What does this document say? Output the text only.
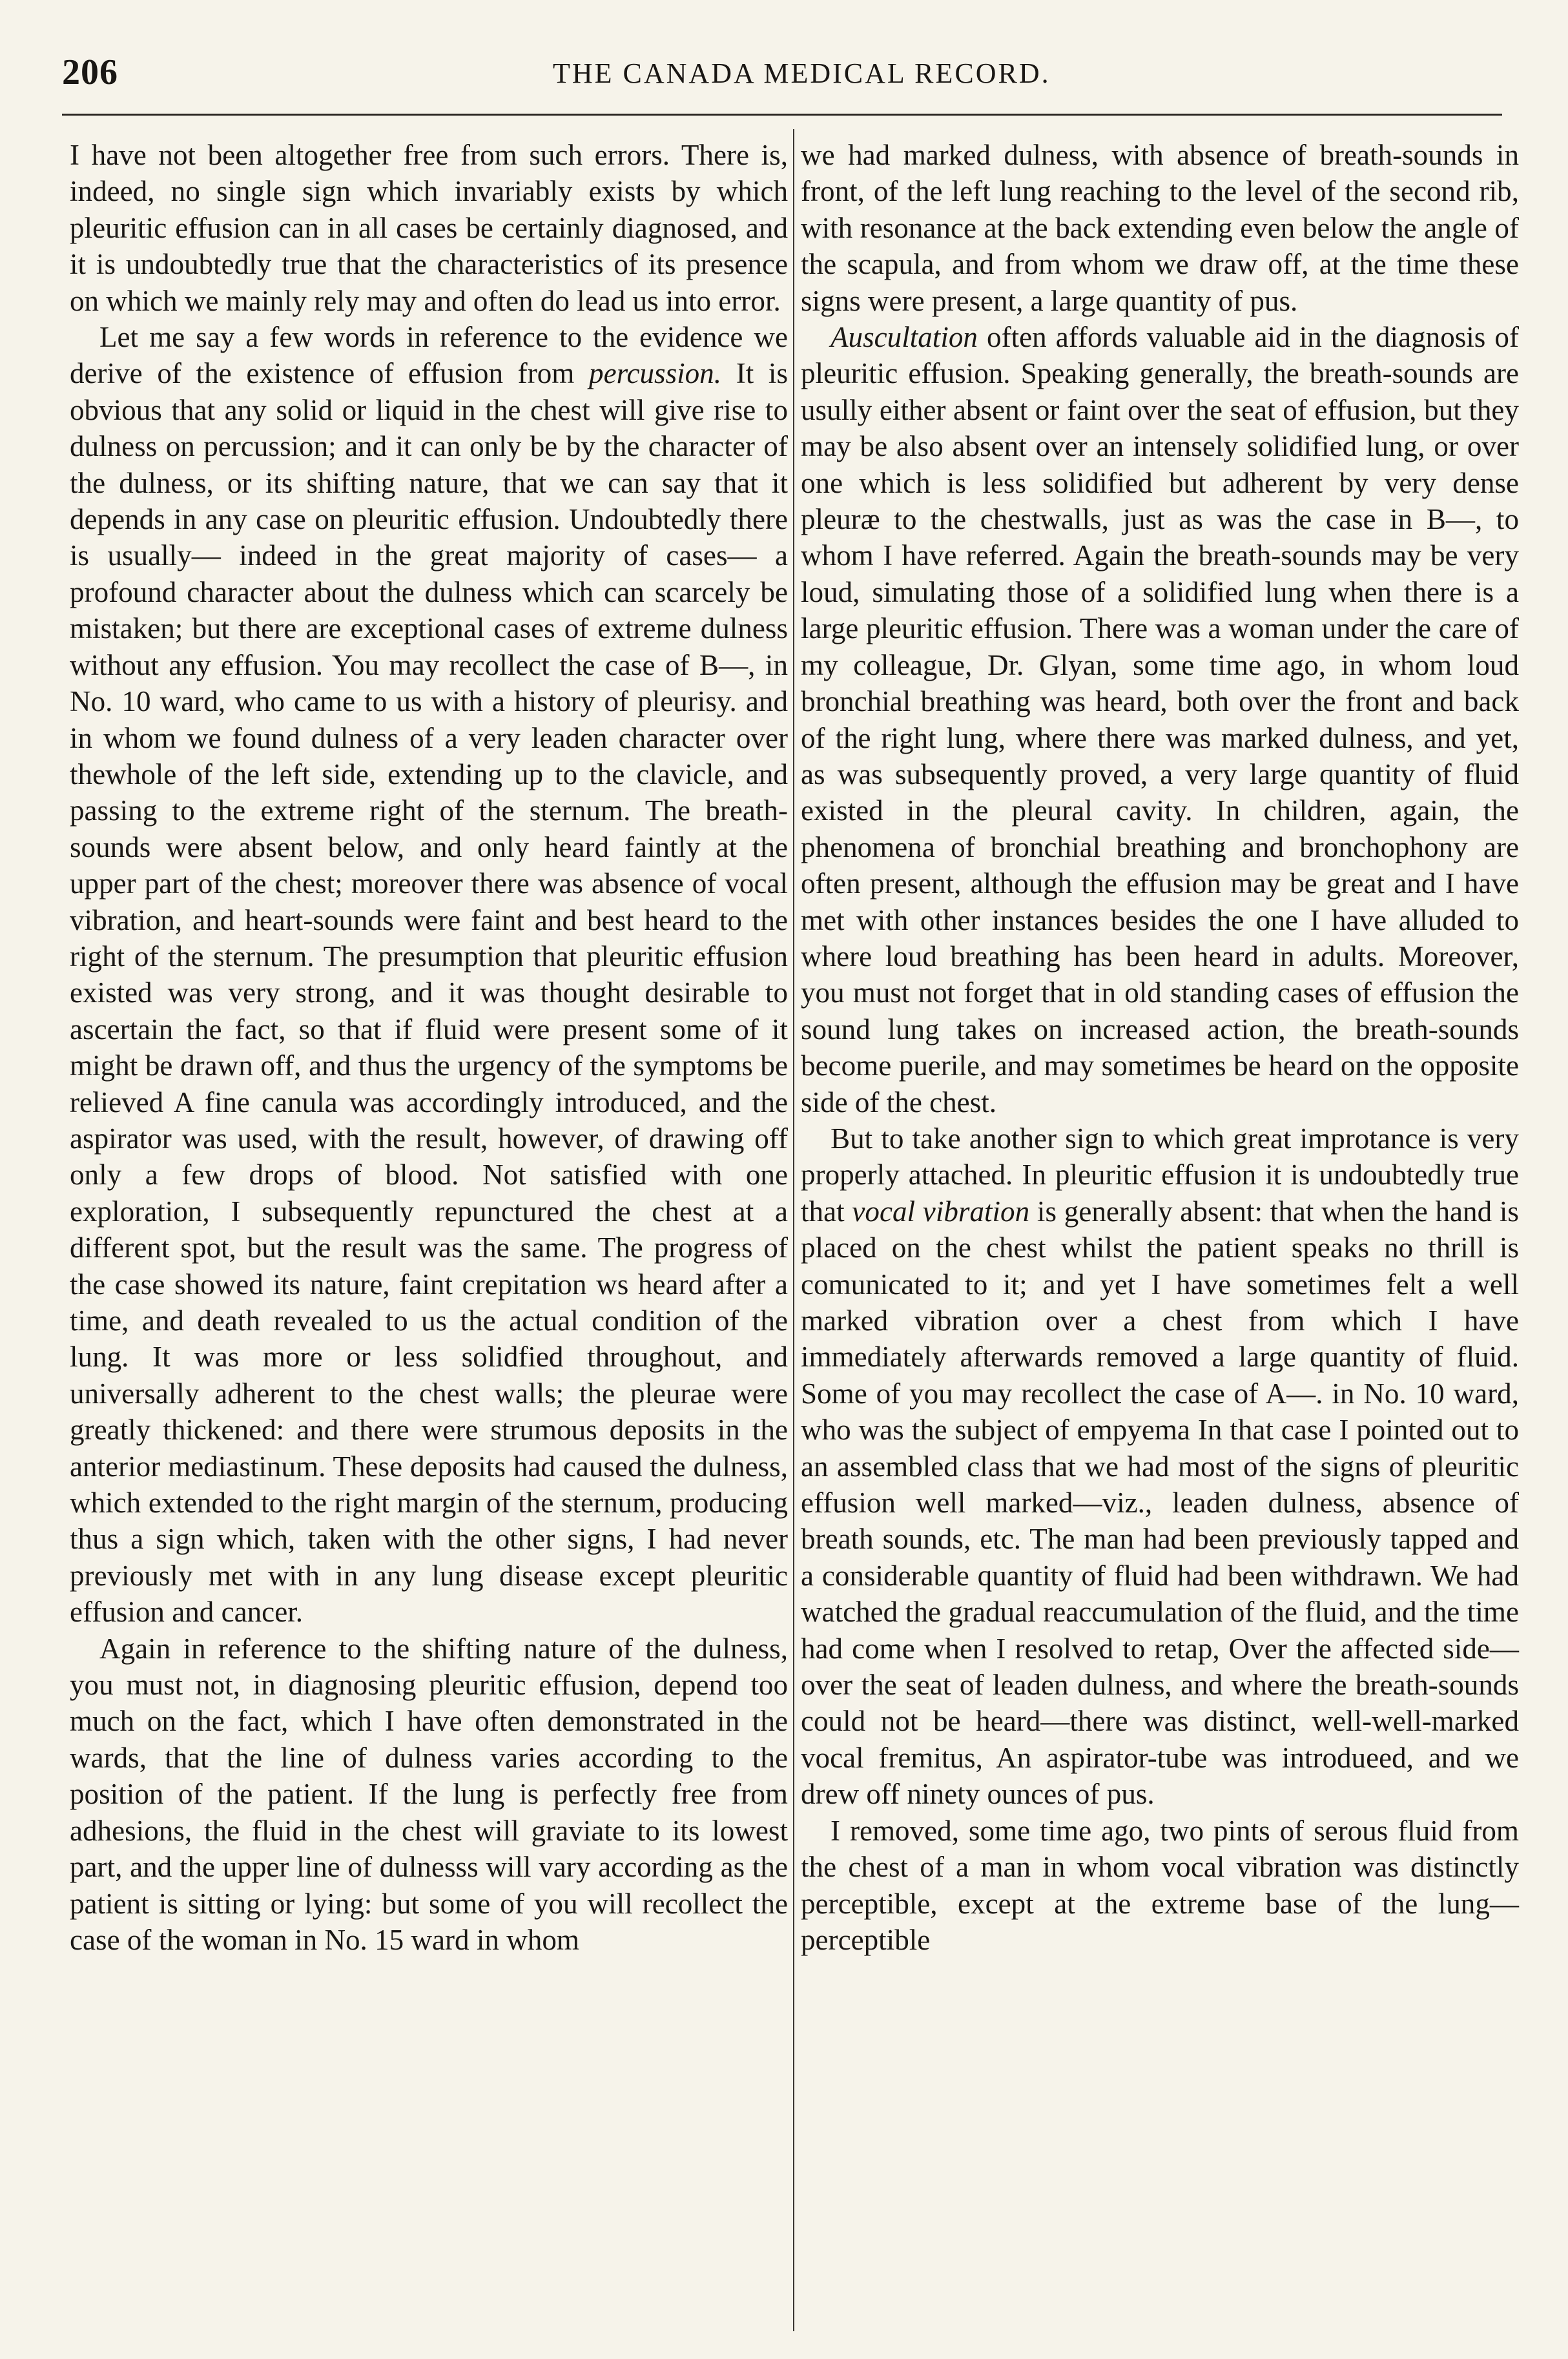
206	THE CANADA MEDICAL RECORD.

I have not been altogether free from such errors. There is, indeed, no single sign which invariably exists by which pleuritic effusion can in all cases be certainly diagnosed, and it is undoubtedly true that the characteristics of its presence on which we mainly rely may and often do lead us into error.

Let me say a few words in reference to the evidence we derive of the existence of effusion from percussion. It is obvious that any solid or liquid in the chest will give rise to dulness on percussion; and it can only be by the character of the dulness, or its shifting nature, that we can say that it depends in any case on pleuritic effusion. Undoubtedly there is usually— indeed in the great majority of cases— a profound character about the dulness which can scarcely be mistaken; but there are exceptional cases of extreme dulness without any effusion. You may recollect the case of B—, in No. 10 ward, who came to us with a history of pleurisy. and in whom we found dulness of a very leaden character over thewhole of the left side, extending up to the clavicle, and passing to the extreme right of the sternum. The breath-sounds were absent below, and only heard faintly at the upper part of the chest; moreover there was absence of vocal vibration, and heart-sounds were faint and best heard to the right of the sternum. The presumption that pleuritic effusion existed was very strong, and it was thought desirable to ascertain the fact, so that if fluid were present some of it might be drawn off, and thus the urgency of the symptoms be relieved A fine canula was accordingly introduced, and the aspirator was used, with the result, however, of drawing off only a few drops of blood. Not satisfied with one exploration, I subsequently repunctured the chest at a different spot, but the result was the same. The progress of the case showed its nature, faint crepitation ws heard after a time, and death revealed to us the actual condition of the lung. It was more or less solidfied throughout, and universally adherent to the chest walls; the pleurae were greatly thickened: and there were strumous deposits in the anterior mediastinum. These deposits had caused the dulness, which extended to the right margin of the sternum, producing thus a sign which, taken with the other signs, I had never previously met with in any lung disease except pleuritic effusion and cancer.

Again in reference to the shifting nature of the dulness, you must not, in diagnosing pleuritic effusion, depend too much on the fact, which I have often demonstrated in the wards, that the line of dulness varies according to the position of the patient. If the lung is perfectly free from adhesions, the fluid in the chest will graviate to its lowest part, and the upper line of dulnesss will vary according as the patient is sitting or lying: but some of you will recollect the case of the woman in No. 15 ward in whom

we had marked dulness, with absence of breath-sounds in front, of the left lung reaching to the level of the second rib, with resonance at the back extending even below the angle of the scapula, and from whom we draw off, at the time these signs were present, a large quantity of pus.

Auscultation often affords valuable aid in the diagnosis of pleuritic effusion. Speaking generally, the breath-sounds are usully either absent or faint over the seat of effusion, but they may be also absent over an intensely solidified lung, or over one which is less solidified but adherent by very dense pleuræ to the chestwalls, just as was the case in B—, to whom I have referred. Again the breath-sounds may be very loud, simulating those of a solidified lung when there is a large pleuritic effusion. There was a woman under the care of my colleague, Dr. Glyan, some time ago, in whom loud bronchial breathing was heard, both over the front and back of the right lung, where there was marked dulness, and yet, as was subsequently proved, a very large quantity of fluid existed in the pleural cavity. In children, again, the phenomena of bronchial breathing and bronchophony are often present, although the effusion may be great and I have met with other instances besides the one I have alluded to where loud breathing has been heard in adults. Moreover, you must not forget that in old standing cases of effusion the sound lung takes on increased action, the breath-sounds become puerile, and may sometimes be heard on the opposite side of the chest.

But to take another sign to which great improtance is very properly attached. In pleuritic effusion it is undoubtedly true that vocal vibration is generally absent: that when the hand is placed on the chest whilst the patient speaks no thrill is comunicated to it; and yet I have sometimes felt a well marked vibration over a chest from which I have immediately afterwards removed a large quantity of fluid. Some of you may recollect the case of A—. in No. 10 ward, who was the subject of empyema In that case I pointed out to an assembled class that we had most of the signs of pleuritic effusion well marked—viz., leaden dulness, absence of breath sounds, etc. The man had been previously tapped and a considerable quantity of fluid had been withdrawn. We had watched the gradual reaccumulation of the fluid, and the time had come when I resolved to retap, Over the affected side—over the seat of leaden dulness, and where the breath-sounds could not be heard—there was distinct, well-well-marked vocal fremitus, An aspirator-tube was introdueed, and we drew off ninety ounces of pus.

I removed, some time ago, two pints of serous fluid from the chest of a man in whom vocal vibration was distinctly perceptible, except at the extreme base of the lung—perceptible
